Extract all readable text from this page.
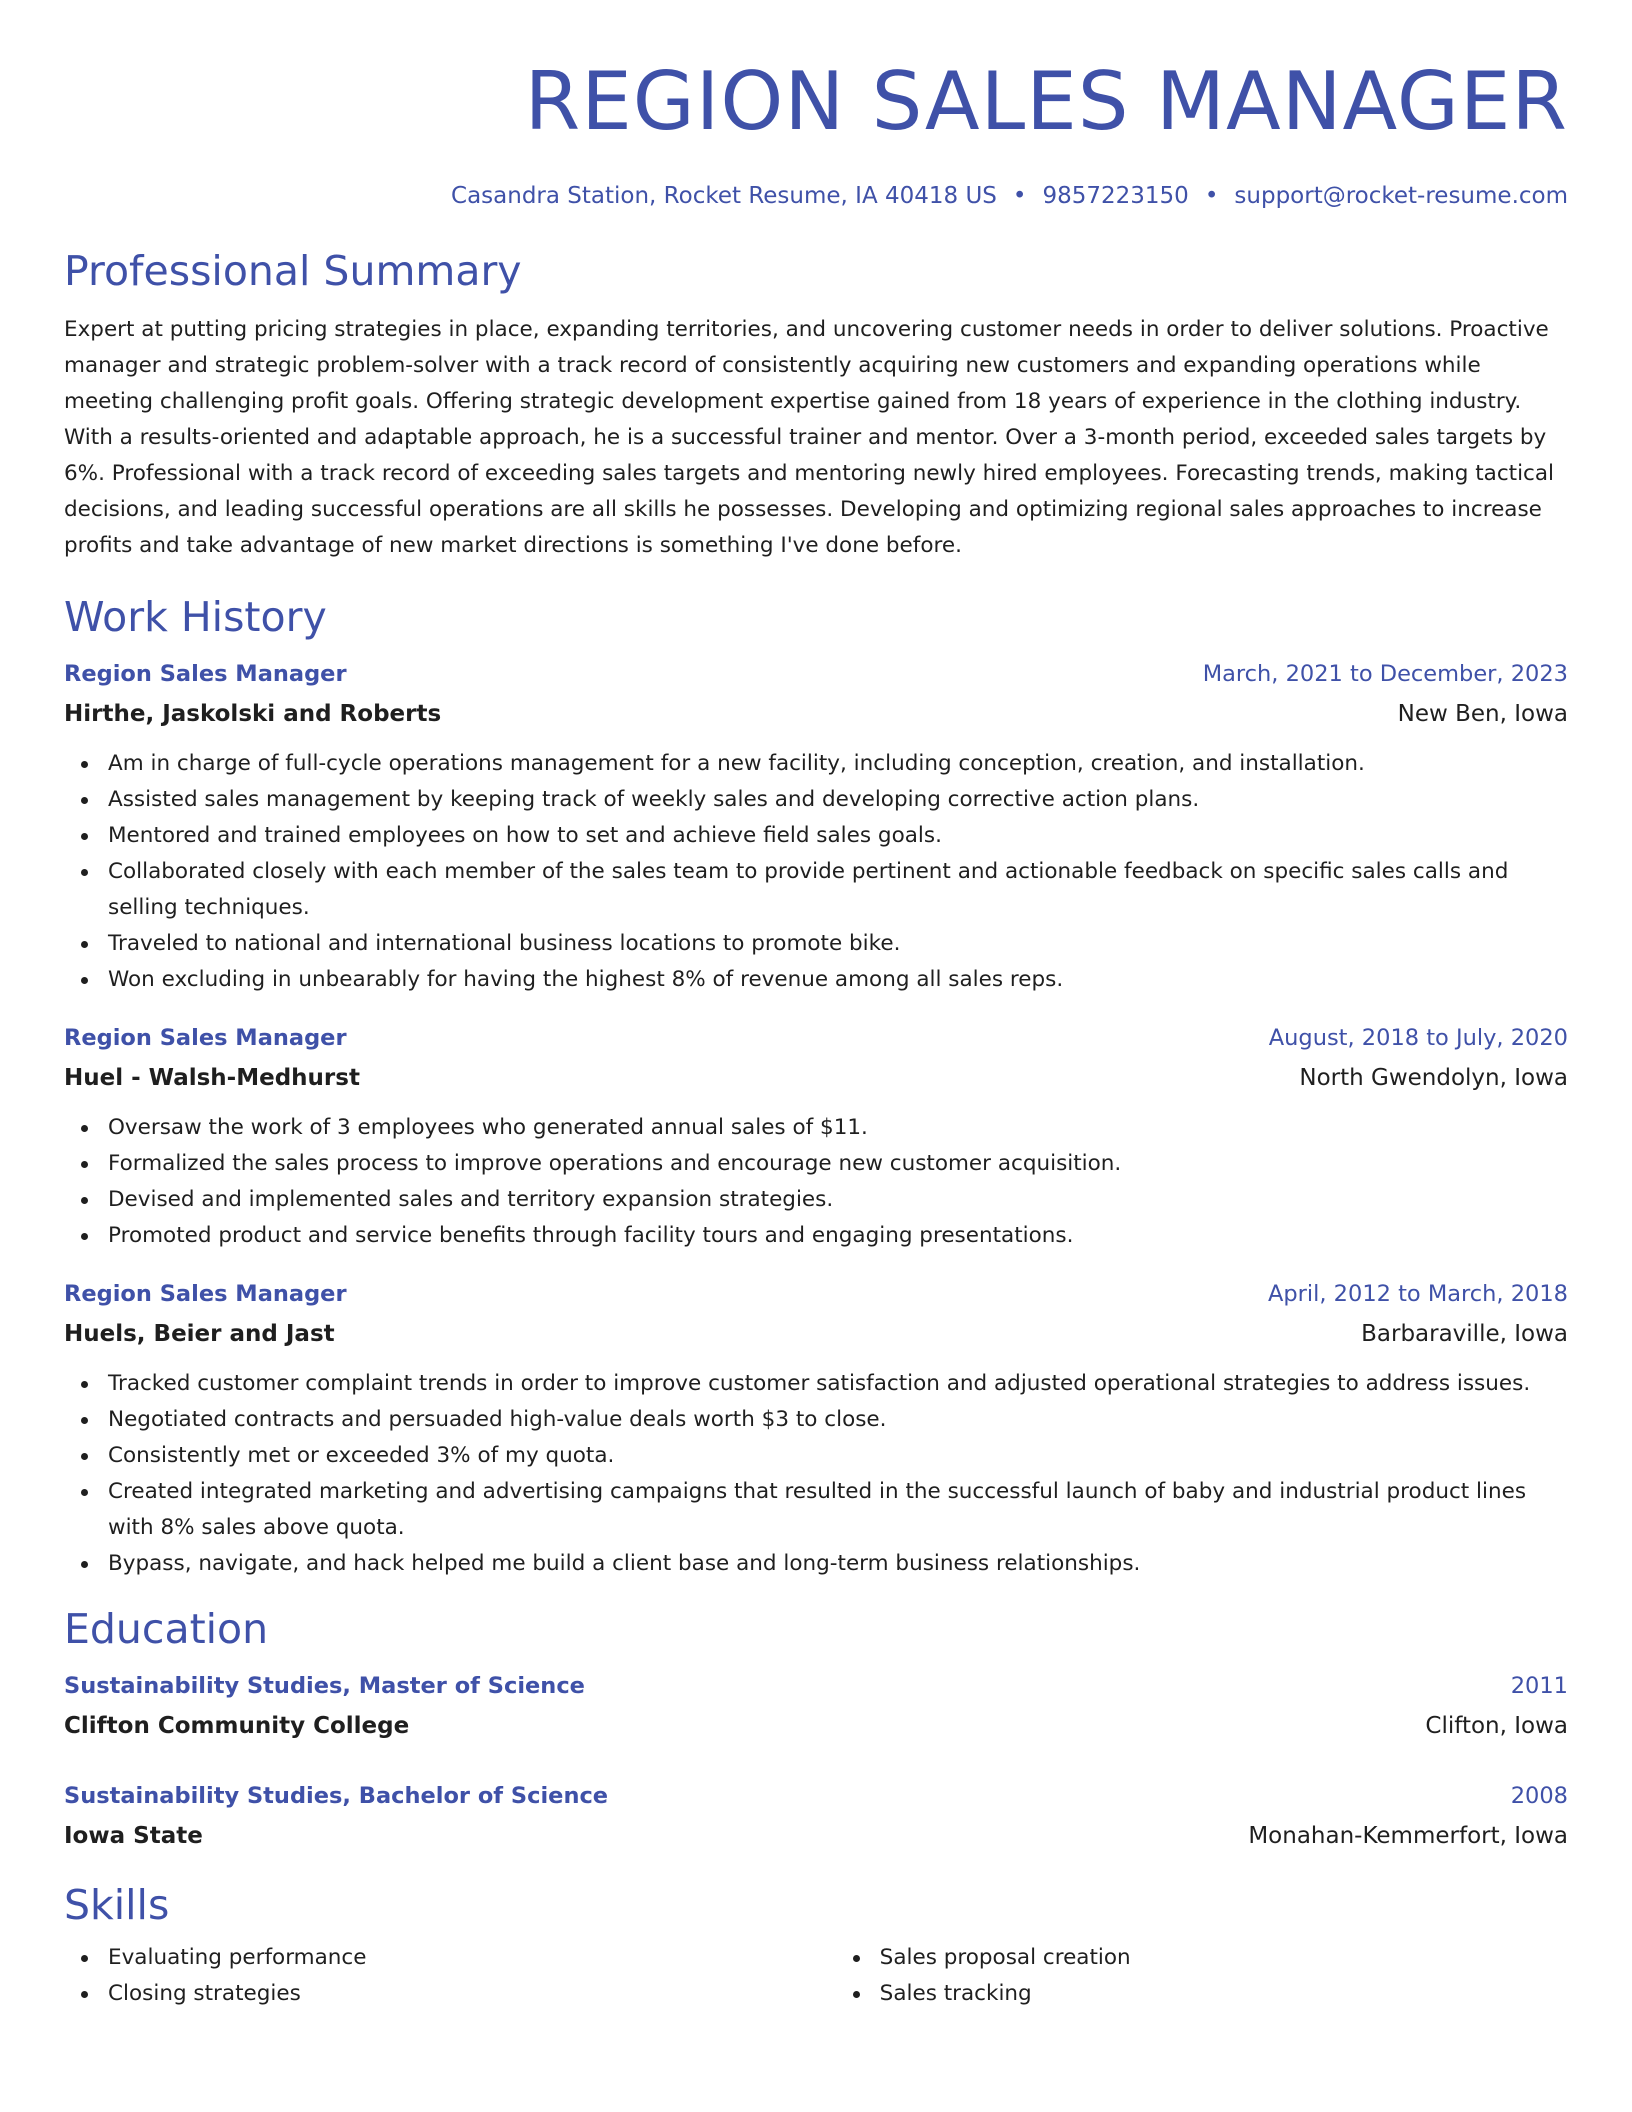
REGION SALES MANAGER
Casandra Station, Rocket Resume, IA 40418 US • 9857223150 • support@rocket-resume.com
Professional Summary

Expert at putting pricing strategies in place, expanding territories, and uncovering customer needs in order to deliver solutions. Proactive manager and strategic problem-solver with a track record of consistently acquiring new customers and expanding operations while meeting challenging profit goals. Offering strategic development expertise gained from 18 years of experience in the clothing industry. With a results-oriented and adaptable approach, he is a successful trainer and mentor. Over a 3-month period, exceeded sales targets by 6%. Professional with a track record of exceeding sales targets and mentoring newly hired employees. Forecasting trends, making tactical decisions, and leading successful operations are all skills he possesses. Developing and optimizing regional sales approaches to increase profits and take advantage of new market directions is something I've done before.

Work History
Region Sales Manager	March, 2021 to December, 2023
Hirthe, Jaskolski and Roberts	New Ben, Iowa
Am in charge of full-cycle operations management for a new facility, including conception, creation, and installation.
Assisted sales management by keeping track of weekly sales and developing corrective action plans.
Mentored and trained employees on how to set and achieve field sales goals.
Collaborated closely with each member of the sales team to provide pertinent and actionable feedback on specific sales calls and selling techniques.
Traveled to national and international business locations to promote bike.
Won excluding in unbearably for having the highest 8% of revenue among all sales reps.
Region Sales Manager	August, 2018 to July, 2020
Huel - Walsh-Medhurst	North Gwendolyn, Iowa
Oversaw the work of 3 employees who generated annual sales of $11.
Formalized the sales process to improve operations and encourage new customer acquisition.
Devised and implemented sales and territory expansion strategies.
Promoted product and service benefits through facility tours and engaging presentations.
Region Sales Manager	April, 2012 to March, 2018
Huels, Beier and Jast	Barbaraville, Iowa
Tracked customer complaint trends in order to improve customer satisfaction and adjusted operational strategies to address issues.
Negotiated contracts and persuaded high-value deals worth $3 to close.
Consistently met or exceeded 3% of my quota.
Created integrated marketing and advertising campaigns that resulted in the successful launch of baby and industrial product lines with 8% sales above quota.
Bypass, navigate, and hack helped me build a client base and long-term business relationships.
Education
Sustainability Studies, Master of Science	2011
Clifton Community College	Clifton, Iowa
Sustainability Studies, Bachelor of Science	2008
Iowa State	Monahan-Kemmerfort, Iowa
Skills
Evaluating performance
Closing strategies
Sales proposal creation
Sales tracking
